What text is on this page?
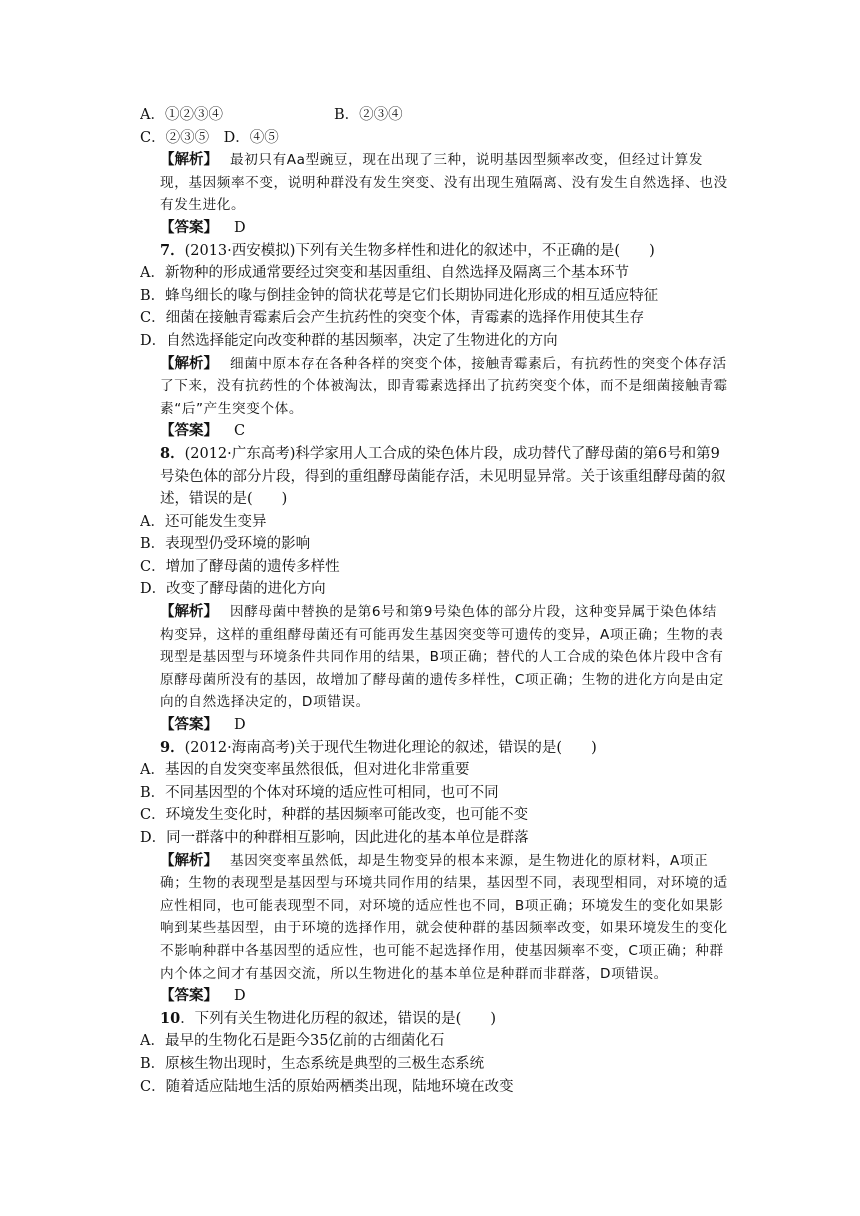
A．①②③④	B．②③④
C．②③⑤　D．④⑤
【解析】 最初只有Aa型豌豆，现在出现了三种，说明基因型频率改变，但经过计算发现，基因频率不变，说明种群没有发生突变、没有出现生殖隔离、没有发生自然选择、也没有发生进化。
【答案】 D
7．(2013·西安模拟)下列有关生物多样性和进化的叙述中，不正确的是(　　)
A．新物种的形成通常要经过突变和基因重组、自然选择及隔离三个基本环节
B．蜂鸟细长的喙与倒挂金钟的筒状花萼是它们长期协同进化形成的相互适应特征
C．细菌在接触青霉素后会产生抗药性的突变个体，青霉素的选择作用使其生存
D．自然选择能定向改变种群的基因频率，决定了生物进化的方向
【解析】 细菌中原本存在各种各样的突变个体，接触青霉素后，有抗药性的突变个体存活了下来，没有抗药性的个体被淘汰，即青霉素选择出了抗药突变个体，而不是细菌接触青霉素“后”产生突变个体。
【答案】 C
8．(2012·广东高考)科学家用人工合成的染色体片段，成功替代了酵母菌的第6号和第9号染色体的部分片段，得到的重组酵母菌能存活，未见明显异常。关于该重组酵母菌的叙述，错误的是(　　)
A．还可能发生变异
B．表现型仍受环境的影响
C．增加了酵母菌的遗传多样性
D．改变了酵母菌的进化方向
【解析】 因酵母菌中替换的是第6号和第9号染色体的部分片段，这种变异属于染色体结构变异，这样的重组酵母菌还有可能再发生基因突变等可遗传的变异，A项正确；生物的表现型是基因型与环境条件共同作用的结果，B项正确；替代的人工合成的染色体片段中含有原酵母菌所没有的基因，故增加了酵母菌的遗传多样性，C项正确；生物的进化方向是由定向的自然选择决定的，D项错误。
【答案】 D
9．(2012·海南高考)关于现代生物进化理论的叙述，错误的是(　　)
A．基因的自发突变率虽然很低，但对进化非常重要
B．不同基因型的个体对环境的适应性可相同，也可不同
C．环境发生变化时，种群的基因频率可能改变，也可能不变
D．同一群落中的种群相互影响，因此进化的基本单位是群落
【解析】 基因突变率虽然低，却是生物变异的根本来源，是生物进化的原材料，A项正确；生物的表现型是基因型与环境共同作用的结果，基因型不同，表现型相同，对环境的适应性相同，也可能表现型不同，对环境的适应性也不同，B项正确；环境发生的变化如果影响到某些基因型，由于环境的选择作用，就会使种群的基因频率改变，如果环境发生的变化不影响种群中各基因型的适应性，也可能不起选择作用，使基因频率不变，C项正确；种群内个体之间才有基因交流，所以生物进化的基本单位是种群而非群落，D项错误。
【答案】 D
10．下列有关生物进化历程的叙述，错误的是(　　)
A．最早的生物化石是距今35亿前的古细菌化石
B．原核生物出现时，生态系统是典型的三极生态系统
C．随着适应陆地生活的原始两栖类出现，陆地环境在改变
